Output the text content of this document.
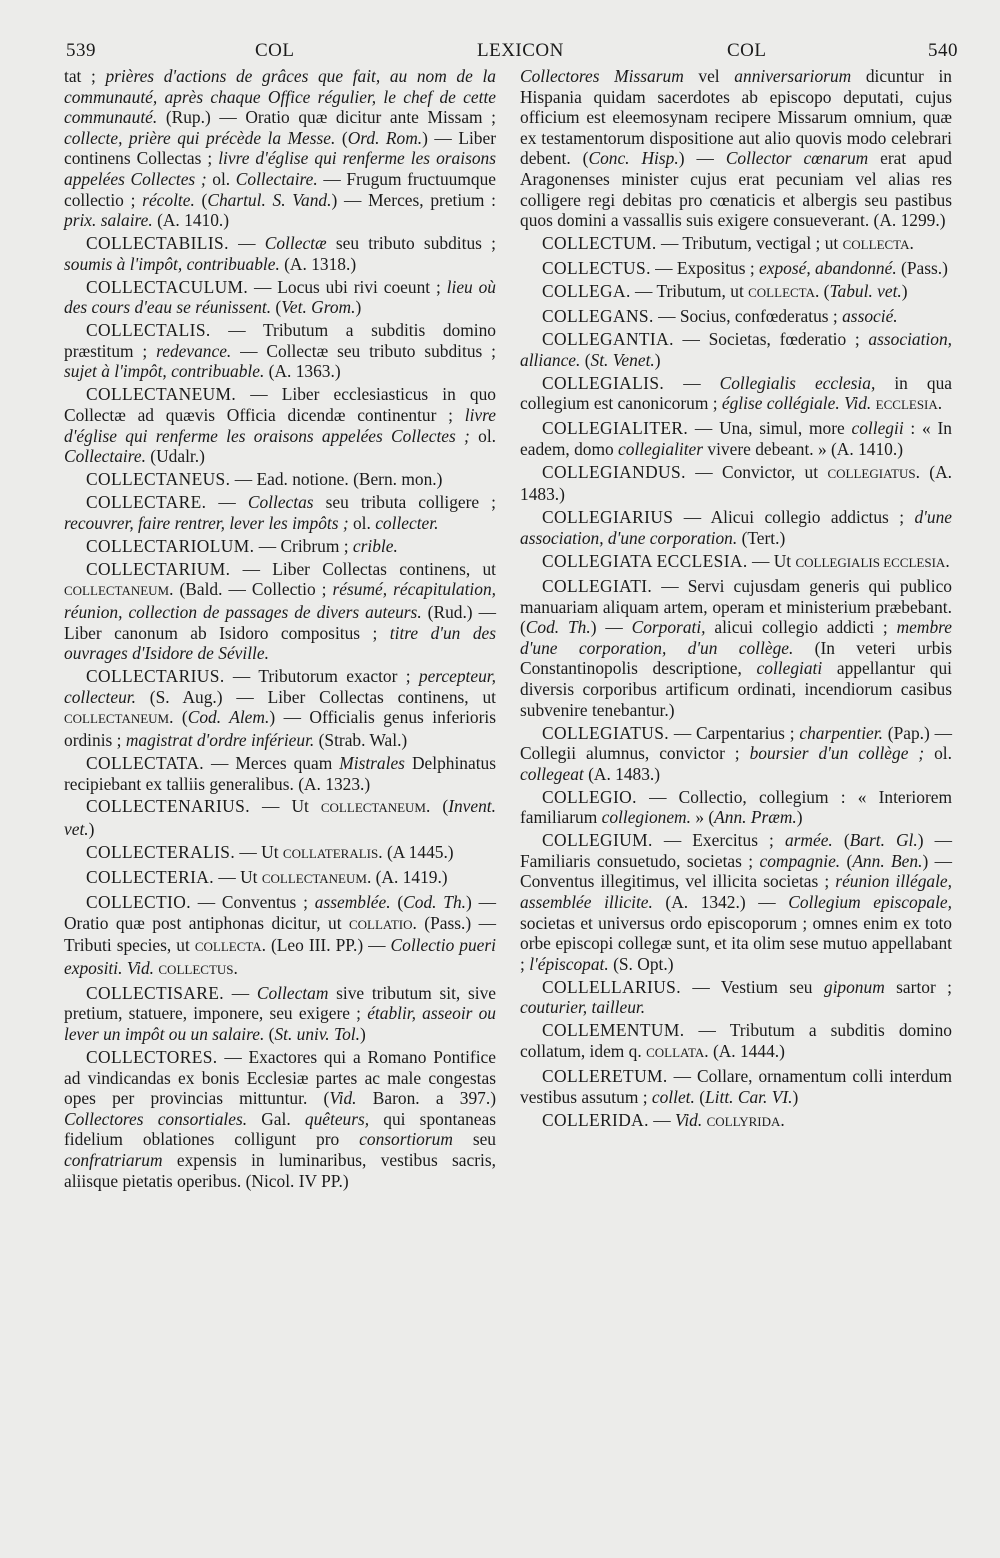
539	COL	LEXICON	COL	540

tat ; prières d'actions de grâces que fait, au nom de la communauté, après chaque Office régulier, le chef de cette communauté. (Rup.) — Oratio quæ dicitur ante Missam ; collecte, prière qui précède la Messe. (Ord. Rom.) — Liber continens Collectas ; livre d'église qui renferme les oraisons appelées Collectes ; ol. Collectaire. — Frugum fructuumque collectio ; récolte. (Chartul. S. Vand.) — Merces, pretium : prix. salaire. (A. 1410.)

COLLECTABILIS. — Collectæ seu tributo subditus ; soumis à l'impôt, contribuable. (A. 1318.)

COLLECTACULUM. — Locus ubi rivi coeunt ; lieu où des cours d'eau se réunissent. (Vet. Grom.)

COLLECTALIS. — Tributum a subditis domino præstitum ; redevance. — Collectæ seu tributo subditus ; sujet à l'impôt, contribuable. (A. 1363.)

COLLECTANEUM. — Liber ecclesiasticus in quo Collectæ ad quævis Officia dicendæ continentur ; livre d'église qui renferme les oraisons appelées Collectes ; ol. Collectaire. (Udalr.)

COLLECTANEUS. — Ead. notione. (Bern. mon.)

COLLECTARE. — Collectas seu tributa colligere ; recouvrer, faire rentrer, lever les impôts ; ol. collecter.

COLLECTARIOLUM. — Cribrum ; crible.

COLLECTARIUM. — Liber Collectas continens, ut COLLECTANEUM. (Bald. — Collectio ; résumé, récapitulation, réunion, collection de passages de divers auteurs. (Rud.) — Liber canonum ab Isidoro compositus ; titre d'un des ouvrages d'Isidore de Séville.

COLLECTARIUS. — Tributorum exactor ; percepteur, collecteur. (S. Aug.) — Liber Collectas continens, ut COLLECTANEUM. (Cod. Alem.) — Officialis genus inferioris ordinis ; magistrat d'ordre inférieur. (Strab. Wal.)

COLLECTATA. — Merces quam Mistrales Delphinatus recipiebant ex talliis generalibus. (A. 1323.)

COLLECTENARIUS. — Ut COLLECTANEUM. (Invent. vet.)

COLLECTERALIS. — Ut COLLATERALIS. (A 1445.)

COLLECTERIA. — Ut COLLECTANEUM. (A. 1419.)

COLLECTIO. — Conventus ; assemblée. (Cod. Th.) — Oratio quæ post antiphonas dicitur, ut COLLATIO. (Pass.) — Tributi species, ut COLLECTA. (Leo III. PP.) — Collectio pueri expositi. Vid. COLLECTUS.

COLLECTISARE. — Collectam sive tributum sit, sive pretium, statuere, imponere, seu exigere ; établir, asseoir ou lever un impôt ou un salaire. (St. univ. Tol.)

COLLECTORES. — Exactores qui a Romano Pontifice ad vindicandas ex bonis Ecclesiæ partes ac male congestas opes per provincias mittuntur. (Vid. Baron. a 397.) Collectores consortiales. Gal. quêteurs, qui spontaneas fidelium oblationes colligunt pro consortiorum seu confratriarum expensis in luminaribus, vestibus sacris, aliisque pietatis operibus. (Nicol. IV PP.)

Collectores Missarum vel anniversariorum dicuntur in Hispania quidam sacerdotes ab episcopo deputati, cujus officium est eleemosynam recipere Missarum omnium, quæ ex testamentorum dispositione aut alio quovis modo celebrari debent. (Conc. Hisp.) — Collector cœnarum erat apud Aragonenses minister cujus erat pecuniam vel alias res colligere regi debitas pro cœnaticis et albergis seu pastibus quos domini a vassallis suis exigere consueverant. (A. 1299.)

COLLECTUM. — Tributum, vectigal ; ut COLLECTA.

COLLECTUS. — Expositus ; exposé, abandonné. (Pass.)

COLLEGA. — Tributum, ut COLLECTA. (Tabul. vet.)

COLLEGANS. — Socius, confœderatus ; associé.

COLLEGANTIA. — Societas, fœderatio ; association, alliance. (St. Venet.)

COLLEGIALIS. — Collegialis ecclesia, in qua collegium est canonicorum ; église collégiale. Vid. ECCLESIA.

COLLEGIALITER. — Una, simul, more collegii : « In eadem, domo collegialiter vivere debeant. » (A. 1410.)

COLLEGIANDUS. — Convictor, ut COLLEGIATUS. (A. 1483.)

COLLEGIARIUS — Alicui collegio addictus ; d'une association, d'une corporation. (Tert.)

COLLEGIATA ECCLESIA. — Ut COLLEGIALIS ECCLESIA.

COLLEGIATI. — Servi cujusdam generis qui publico manuariam aliquam artem, operam et ministerium præbebant. (Cod. Th.) — Corporati, alicui collegio addicti ; membre d'une corporation, d'un collège. (In veteri urbis Constantinopolis descriptione, collegiati appellantur qui diversis corporibus artificum ordinati, incendiorum casibus subvenire tenebantur.)

COLLEGIATUS. — Carpentarius ; charpentier. (Pap.) — Collegii alumnus, convictor ; boursier d'un collège ; ol. collegeat (A. 1483.)

COLLEGIO. — Collectio, collegium : « Interiorem familiarum collegionem. » (Ann. Præm.)

COLLEGIUM. — Exercitus ; armée. (Bart. Gl.) — Familiaris consuetudo, societas ; compagnie. (Ann. Ben.) — Conventus illegitimus, vel illicita societas ; réunion illégale, assemblée illicite. (A. 1342.) — Collegium episcopale, societas et universus ordo episcoporum ; omnes enim ex toto orbe episcopi collegæ sunt, et ita olim sese mutuo appellabant ; l'épiscopat. (S. Opt.)

COLLELLARIUS. — Vestium seu giponum sartor ; couturier, tailleur.

COLLEMENTUM. — Tributum a subditis domino collatum, idem q. COLLATA. (A. 1444.)

COLLERETUM. — Collare, ornamentum colli interdum vestibus assutum ; collet. (Litt. Car. VI.)

COLLERIDA. — Vid. COLLYRIDA.
